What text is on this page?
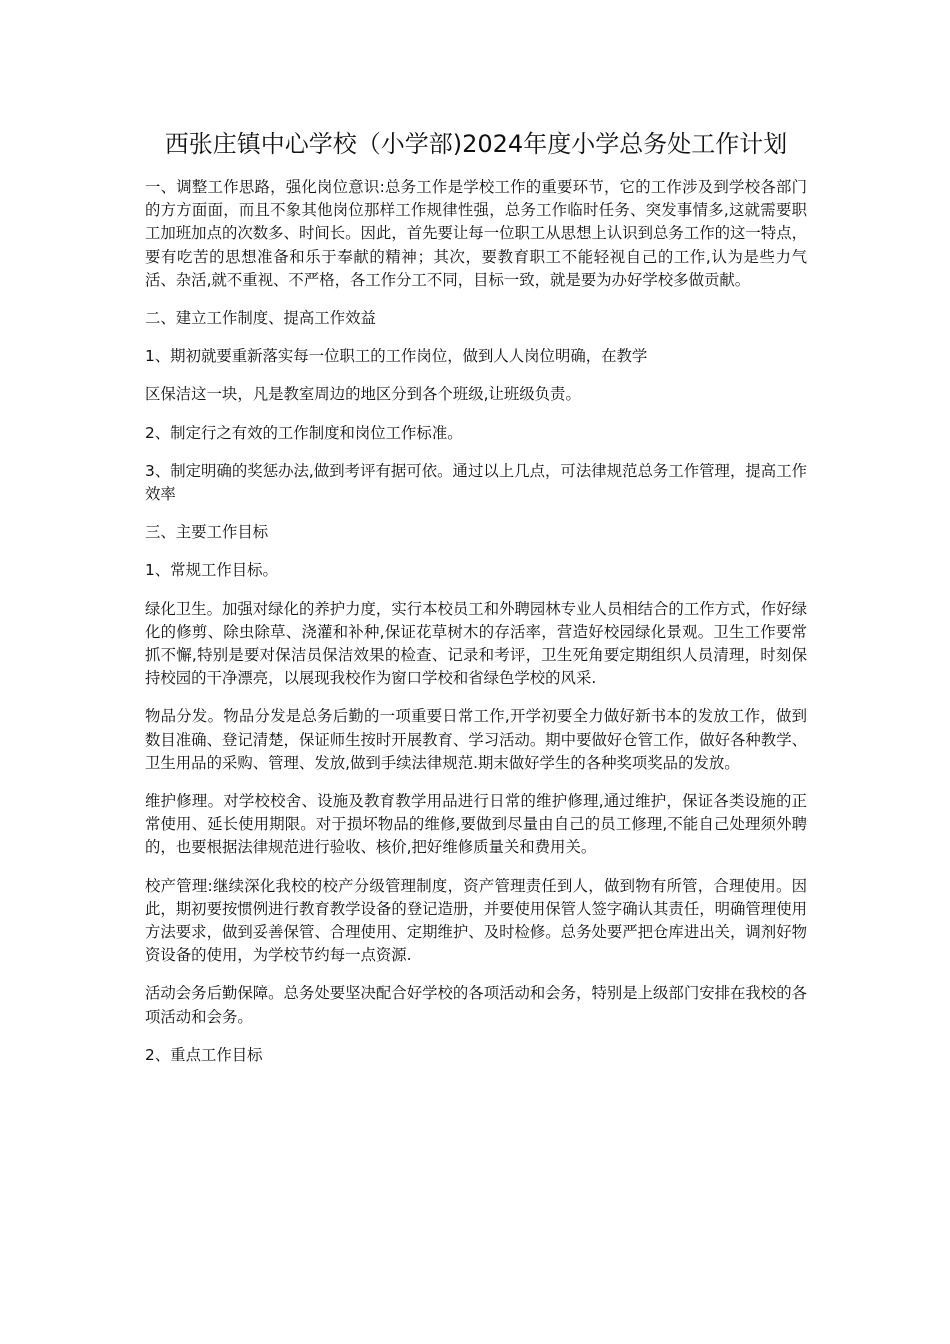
西张庄镇中心学校（小学部)2024年度小学总务处工作计划

一、调整工作思路，强化岗位意识:总务工作是学校工作的重要环节，它的工作涉及到学校各部门的方方面面，而且不象其他岗位那样工作规律性强，总务工作临时任务、突发事情多,这就需要职工加班加点的次数多、时间长。因此，首先要让每一位职工从思想上认识到总务工作的这一特点，要有吃苦的思想准备和乐于奉献的精神；其次，要教育职工不能轻视自己的工作,认为是些力气活、杂活,就不重视、不严格，各工作分工不同，目标一致，就是要为办好学校多做贡献。

二、建立工作制度、提高工作效益

1、期初就要重新落实每一位职工的工作岗位，做到人人岗位明确，在教学

区保洁这一块，凡是教室周边的地区分到各个班级,让班级负责。

2、制定行之有效的工作制度和岗位工作标准。

3、制定明确的奖惩办法,做到考评有据可依。通过以上几点，可法律规范总务工作管理，提高工作效率

三、主要工作目标

1、常规工作目标。

绿化卫生。加强对绿化的养护力度，实行本校员工和外聘园林专业人员相结合的工作方式，作好绿化的修剪、除虫除草、浇灌和补种,保证花草树木的存活率，营造好校园绿化景观。卫生工作要常抓不懈,特别是要对保洁员保洁效果的检查、记录和考评，卫生死角要定期组织人员清理，时刻保持校园的干净漂亮，以展现我校作为窗口学校和省绿色学校的风采.

物品分发。物品分发是总务后勤的一项重要日常工作,开学初要全力做好新书本的发放工作，做到数目准确、登记清楚，保证师生按时开展教育、学习活动。期中要做好仓管工作，做好各种教学、卫生用品的采购、管理、发放,做到手续法律规范.期末做好学生的各种奖项奖品的发放。

维护修理。对学校校舍、设施及教育教学用品进行日常的维护修理,通过维护，保证各类设施的正常使用、延长使用期限。对于损坏物品的维修,要做到尽量由自己的员工修理,不能自己处理须外聘的，也要根据法律规范进行验收、核价,把好维修质量关和费用关。

校产管理:继续深化我校的校产分级管理制度，资产管理责任到人，做到物有所管，合理使用。因此，期初要按惯例进行教育教学设备的登记造册，并要使用保管人签字确认其责任，明确管理使用方法要求，做到妥善保管、合理使用、定期维护、及时检修。总务处要严把仓库进出关，调剂好物资设备的使用，为学校节约每一点资源.

活动会务后勤保障。总务处要坚决配合好学校的各项活动和会务，特别是上级部门安排在我校的各项活动和会务。

2、重点工作目标
